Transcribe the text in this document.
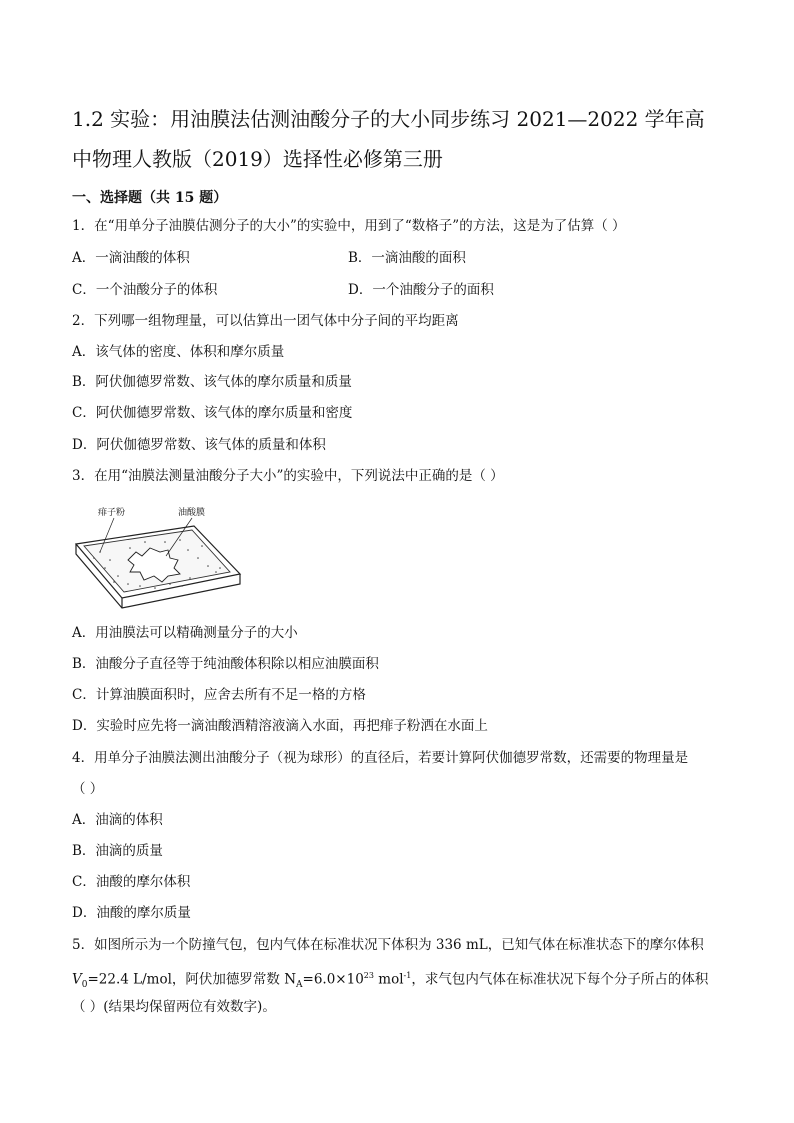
1.2 实验：用油膜法估测油酸分子的大小同步练习 2021—2022 学年高
中物理人教版（2019）选择性必修第三册
一、选择题（共 15 题）
1．在“用单分子油膜估测分子的大小”的实验中，用到了“数格子”的方法，这是为了估算（ ）
A．一滴油酸的体积	B．一滴油酸的面积
C．一个油酸分子的体积	D．一个油酸分子的面积
2．下列哪一组物理量，可以估算出一团气体中分子间的平均距离
A．该气体的密度、体积和摩尔质量
B．阿伏伽德罗常数、该气体的摩尔质量和质量
C．阿伏伽德罗常数、该气体的摩尔质量和密度
D．阿伏伽德罗常数、该气体的质量和体积
3．在用“油膜法测量油酸分子大小”的实验中，下列说法中正确的是（ ）
痱子粉	油酸膜
A．用油膜法可以精确测量分子的大小
B．油酸分子直径等于纯油酸体积除以相应油膜面积
C．计算油膜面积时，应舍去所有不足一格的方格
D．实验时应先将一滴油酸酒精溶液滴入水面，再把痱子粉洒在水面上
4．用单分子油膜法测出油酸分子（视为球形）的直径后，若要计算阿伏伽德罗常数，还需要的物理量是
（ ）
A．油滴的体积
B．油滴的质量
C．油酸的摩尔体积
D．油酸的摩尔质量
5．如图所示为一个防撞气包，包内气体在标准状况下体积为 336 mL，已知气体在标准状态下的摩尔体积
$V_0=22.4$ L/mol，阿伏加德罗常数 $N_A=6.0\times 10^{23}$ mol$^{-1}$，求气包内气体在标准状况下每个分子所占的体积
（ ）(结果均保留两位有效数字)。
